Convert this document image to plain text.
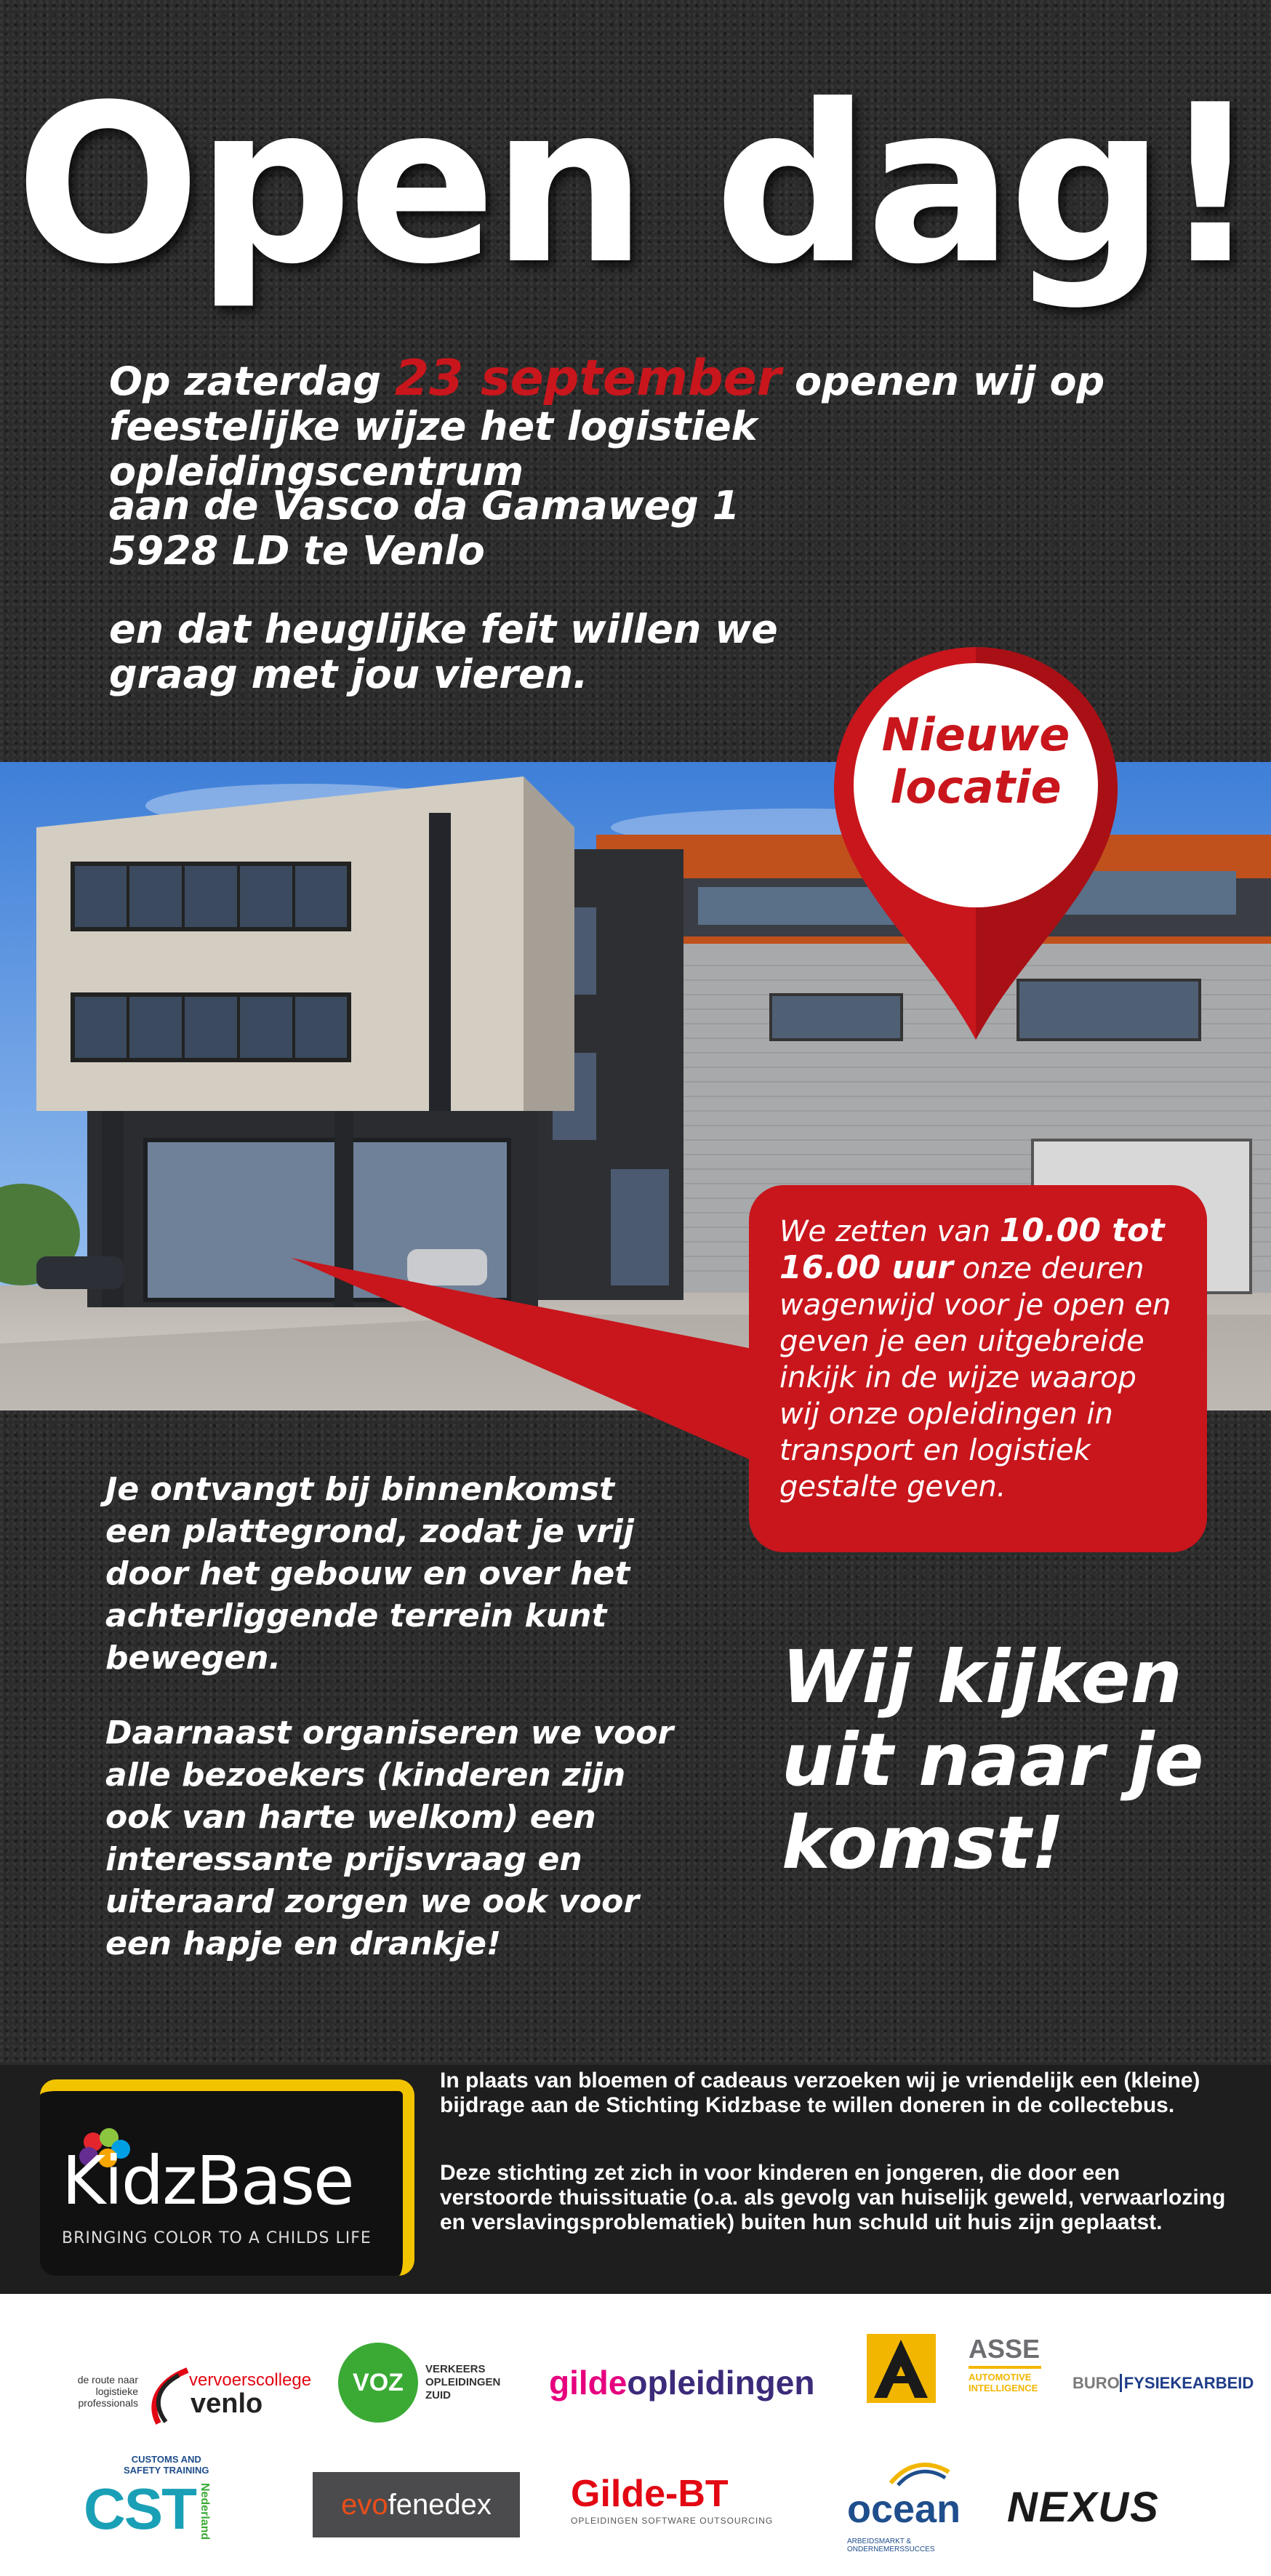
Open dag!

Op zaterdag 23 september openen wij op
feestelijke wijze het logistiek opleidingscentrum

aan de Vasco da Gamaweg 1
5928 LD te Venlo

en dat heuglijke feit willen we
graag met jou vieren.

We zetten van 10.00 tot 16.00 uur onze deuren wagenwijd voor je open en geven je een uitgebreide inkijk in de wijze waarop wij onze opleidingen in transport en logistiek gestalte geven.
Nieuwe
locatie

Je ontvangt bij binnenkomst een plattegrond, zodat je vrij door het gebouw en over het achterliggende terrein kunt bewegen.

Daarnaast organiseren we voor alle bezoekers (kinderen zijn ook van harte welkom) een interessante prijsvraag en uiteraard zorgen we ook voor een hapje en drankje!

Wij kijken uit naar je komst!

KidzBase
BRINGING COLOR TO A CHILDS LIFE

In plaats van bloemen of cadeaus verzoeken wij je vriendelijk een (kleine) bijdrage aan de Stichting Kidzbase te willen doneren in de collectebus.

Deze stichting zet zich in voor kinderen en jongeren, die door een verstoorde thuissituatie (o.a. als gevolg van huiselijk geweld, verwaarlozing en verslavingsproblematiek) buiten hun schuld uit huis zijn geplaatst.

de route naar
logistieke
professionals
vervoerscollege
venlo
VOZ	VERKEERS
OPLEIDINGEN
ZUID	gildeopleidingen
ASSE
AUTOMOTIVE
INTELLIGENCE BURO FYSIEKEARBEID
CUSTOMS AND
SAFETY TRAINING
CST Nederland	evofenedex	Gilde-BT
OPLEIDINGEN SOFTWARE OUTSOURCING	ocean
ARBEIDSMARKT & ONDERNEMERSSUCCES
NEXUS
